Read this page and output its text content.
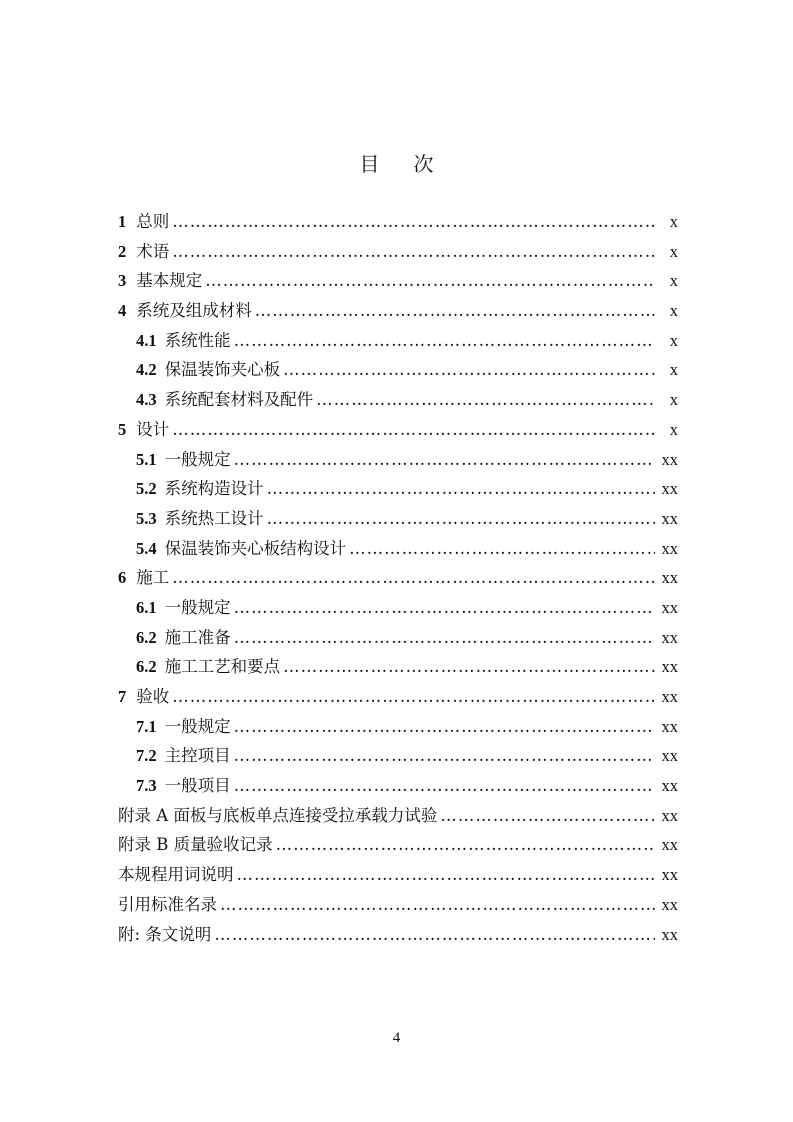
目 次
1 总则 ……………………………………………………………………………………………………………………………………	x
2 术语 ……………………………………………………………………………………………………………………………………	x
3 基本规定 ……………………………………………………………………………………………………………………………………	x
4 系统及组成材料 ……………………………………………………………………………………………………………………………………	x
4.1 系统性能 ……………………………………………………………………………………………………………………………………	x
4.2 保温装饰夹心板 ……………………………………………………………………………………………………………………………………	x
4.3 系统配套材料及配件 ……………………………………………………………………………………………………………………………………	x
5 设计 ……………………………………………………………………………………………………………………………………	x
5.1 一般规定 ……………………………………………………………………………………………………………………………………	xx
5.2 系统构造设计 ……………………………………………………………………………………………………………………………………	xx
5.3 系统热工设计 ……………………………………………………………………………………………………………………………………	xx
5.4 保温装饰夹心板结构设计 ……………………………………………………………………………………………………………………………………	xx
6 施工 ……………………………………………………………………………………………………………………………………	xx
6.1 一般规定 ……………………………………………………………………………………………………………………………………	xx
6.2 施工准备 ……………………………………………………………………………………………………………………………………	xx
6.2 施工工艺和要点 ……………………………………………………………………………………………………………………………………	xx
7 验收 ……………………………………………………………………………………………………………………………………	xx
7.1 一般规定 ……………………………………………………………………………………………………………………………………	xx
7.2 主控项目 ……………………………………………………………………………………………………………………………………	xx
7.3 一般项目 ……………………………………………………………………………………………………………………………………	xx
附录 A 面板与底板单点连接受拉承载力试验 ……………………………………………………………………………………………………………………………………	xx
附录 B 质量验收记录 ……………………………………………………………………………………………………………………………………	xx
本规程用词说明 ……………………………………………………………………………………………………………………………………	xx
引用标准名录 ……………………………………………………………………………………………………………………………………	xx
附: 条文说明 ……………………………………………………………………………………………………………………………………	xx
4
